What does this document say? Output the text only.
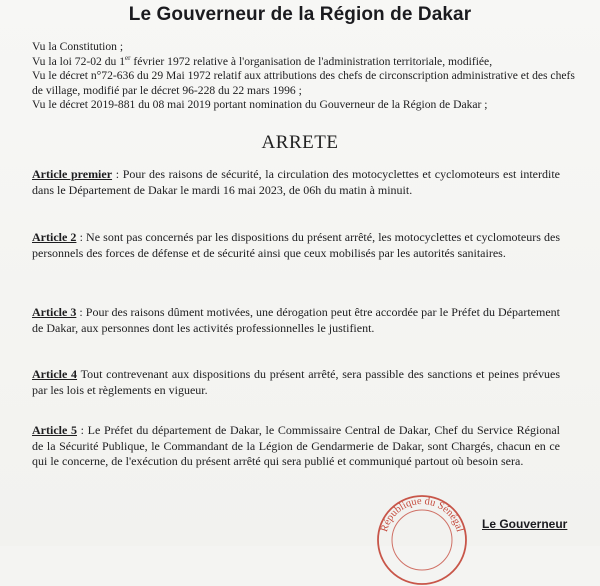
Le Gouverneur de la Région de Dakar
Vu la Constitution ;
Vu la loi 72-02 du 1er février 1972 relative à l'organisation de l'administration territoriale, modifiée,
Vu le décret n°72-636 du 29 Mai 1972 relatif aux attributions des chefs de circonscription administrative et des chefs de village, modifié par le décret 96-228 du 22 mars 1996 ;
Vu le décret 2019-881 du 08 mai 2019 portant nomination du Gouverneur de la Région de Dakar ;
ARRETE
Article premier : Pour des raisons de sécurité, la circulation des motocyclettes et cyclomoteurs est interdite dans le Département de Dakar le mardi 16 mai 2023, de 06h du matin à minuit.
Article 2 : Ne sont pas concernés par les dispositions du présent arrêté, les motocyclettes et cyclomoteurs des personnels des forces de défense et de sécurité ainsi que ceux mobilisés par les autorités sanitaires.
Article 3 : Pour des raisons dûment motivées, une dérogation peut être accordée par le Préfet du Département de Dakar, aux personnes dont les activités professionnelles le justifient.
Article 4 Tout contrevenant aux dispositions du présent arrêté, sera passible des sanctions et peines prévues par les lois et règlements en vigueur.
Article 5 : Le Préfet du département de Dakar, le Commissaire Central de Dakar, Chef du Service Régional de la Sécurité Publique, le Commandant de la Légion de Gendarmerie de Dakar, sont Chargés, chacun en ce qui le concerne, de l'exécution du présent arrêté qui sera publié et communiqué partout où besoin sera.
République du Sénégal Le Gouverneur
